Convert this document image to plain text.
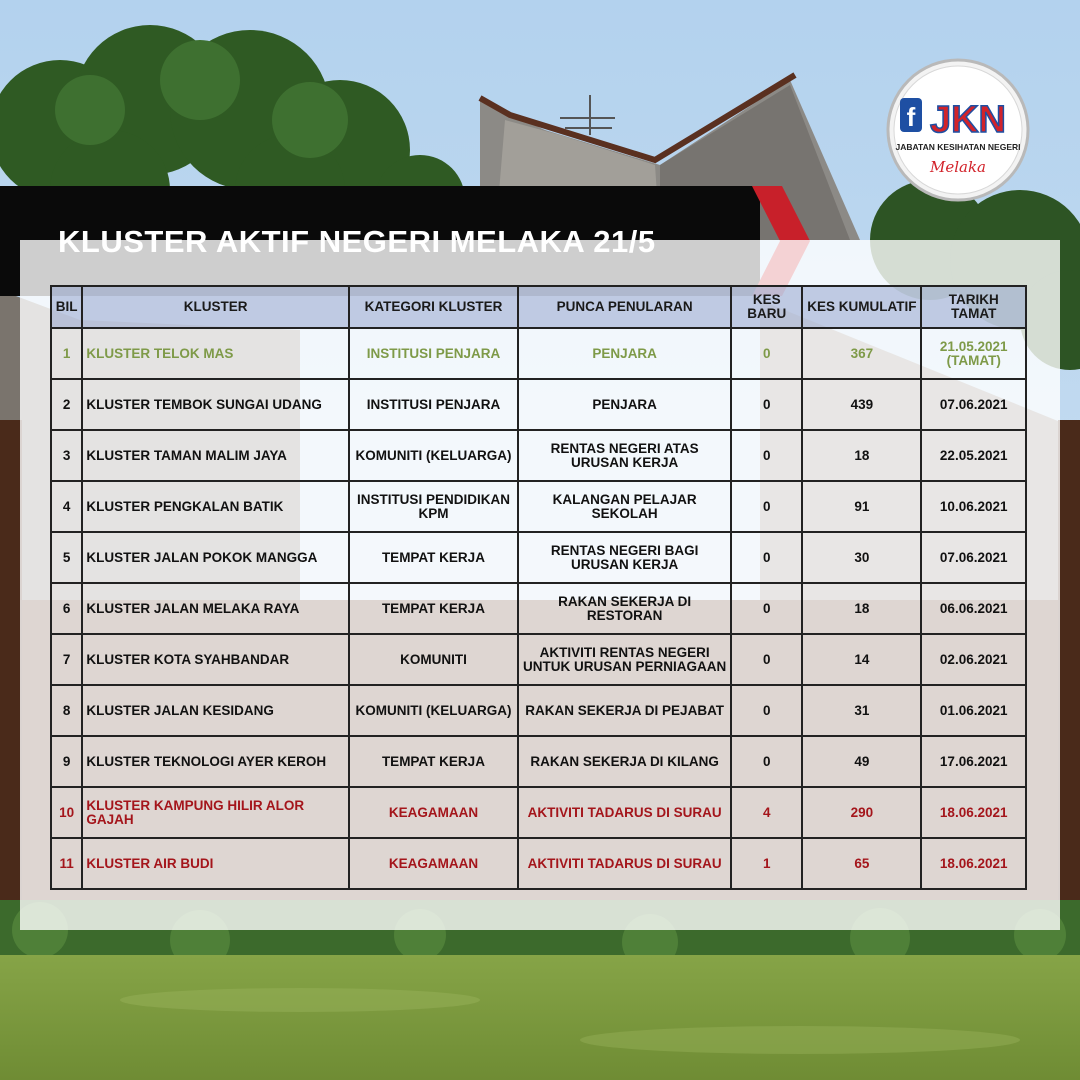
f JKN
JABATAN KESIHATAN NEGERI
Melaka
BIL	KLUSTER	KATEGORI KLUSTER	PUNCA PENULARAN	KES BARU	KES KUMULATIF	TARIKH TAMAT
1	KLUSTER TELOK MAS	INSTITUSI PENJARA	PENJARA	0	367	21.05.2021 (TAMAT)
2	KLUSTER TEMBOK SUNGAI UDANG	INSTITUSI PENJARA	PENJARA	0	439	07.06.2021
3	KLUSTER TAMAN MALIM JAYA	KOMUNITI (KELUARGA)	RENTAS NEGERI ATAS URUSAN KERJA	0	18	22.05.2021
4	KLUSTER PENGKALAN BATIK	INSTITUSI PENDIDIKAN KPM	KALANGAN PELAJAR SEKOLAH	0	91	10.06.2021
5	KLUSTER JALAN POKOK MANGGA	TEMPAT KERJA	RENTAS NEGERI BAGI URUSAN KERJA	0	30	07.06.2021
6	KLUSTER JALAN MELAKA RAYA	TEMPAT KERJA	RAKAN SEKERJA DI RESTORAN	0	18	06.06.2021
7	KLUSTER KOTA SYAHBANDAR	KOMUNITI	AKTIVITI RENTAS NEGERI UNTUK URUSAN PERNIAGAAN	0	14	02.06.2021
8	KLUSTER JALAN KESIDANG	KOMUNITI (KELUARGA)	RAKAN SEKERJA DI PEJABAT	0	31	01.06.2021
9	KLUSTER TEKNOLOGI AYER KEROH	TEMPAT KERJA	RAKAN SEKERJA DI KILANG	0	49	17.06.2021
10	KLUSTER KAMPUNG HILIR ALOR GAJAH	KEAGAMAAN	AKTIVITI TADARUS DI SURAU	4	290	18.06.2021
11	KLUSTER AIR BUDI	KEAGAMAAN	AKTIVITI TADARUS DI SURAU	1	65	18.06.2021
